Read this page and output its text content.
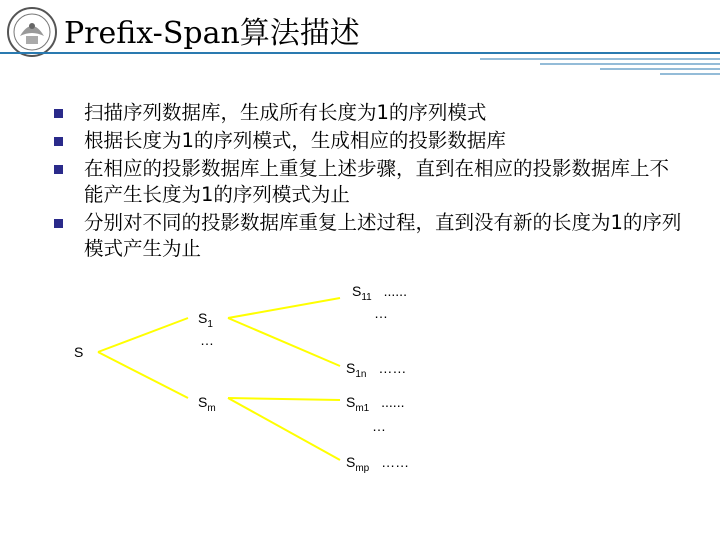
Prefix-Span算法描述
扫描序列数据库，生成所有长度为1的序列模式
根据长度为1的序列模式，生成相应的投影数据库
在相应的投影数据库上重复上述步骤，直到在相应的投影数据库上不能产生长度为1的序列模式为止
分别对不同的投影数据库重复上述过程，直到没有新的长度为1的序列模式产生为止
S
$S_1$
…
$S_{11}$ ......
…
$S_{1n}$ ……
$S_m$	$S_{m1}$ ......
…
$S_{mp}$ ……
